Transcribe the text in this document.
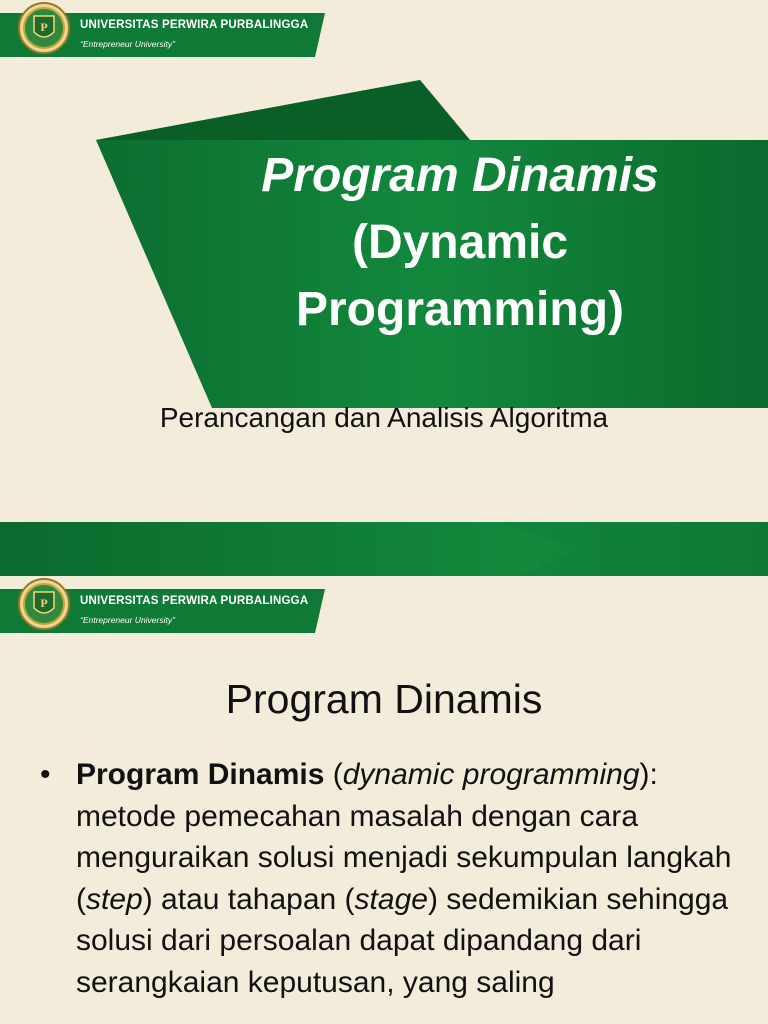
UNIVERSITAS PERWIRA PURBALINGGA
“Entrepreneur University”
P
Program Dinamis
(Dynamic
Programming)
Perancangan dan Analisis Algoritma
UNIVERSITAS PERWIRA PURBALINGGA
“Entrepreneur University”
P
Program Dinamis
• Program Dinamis (dynamic programming): metode pemecahan masalah dengan cara menguraikan solusi menjadi sekumpulan langkah (step) atau tahapan (stage) sedemikian sehingga solusi dari persoalan dapat dipandang dari serangkaian keputusan, yang saling
